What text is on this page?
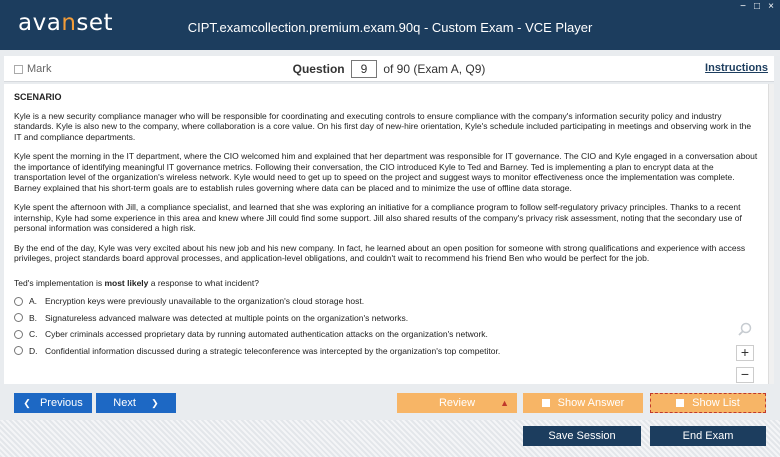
avanset	CIPT.examcollection.premium.exam.90q - Custom Exam - VCE Player
− □ ×
Mark	Question 9 of 90 (Exam A, Q9)	Instructions
SCENARIO
Kyle is a new security compliance manager who will be responsible for coordinating and executing controls to ensure compliance with the company's information security policy and industry standards. Kyle is also new to the company, where collaboration is a core value. On his first day of new-hire orientation, Kyle's schedule included participating in meetings and observing work in the IT and compliance departments.
Kyle spent the morning in the IT department, where the CIO welcomed him and explained that her department was responsible for IT governance. The CIO and Kyle engaged in a conversation about the importance of identifying meaningful IT governance metrics. Following their conversation, the CIO introduced Kyle to Ted and Barney. Ted is implementing a plan to encrypt data at the transportation level of the organization's wireless network. Kyle would need to get up to speed on the project and suggest ways to monitor effectiveness once the implementation was complete. Barney explained that his short-term goals are to establish rules governing where data can be placed and to minimize the use of offline data storage.
Kyle spent the afternoon with Jill, a compliance specialist, and learned that she was exploring an initiative for a compliance program to follow self-regulatory privacy principles. Thanks to a recent internship, Kyle had some experience in this area and knew where Jill could find some support. Jill also shared results of the company's privacy risk assessment, noting that the secondary use of personal information was considered a high risk.
By the end of the day, Kyle was very excited about his new job and his new company. In fact, he learned about an open position for someone with strong qualifications and experience with access privileges, project standards board approval processes, and application-level obligations, and couldn't wait to recommend his friend Ben who would be perfect for the job.
Ted's implementation is most likely a response to what incident?
A. Encryption keys were previously unavailable to the organization's cloud storage host.
B. Signatureless advanced malware was detected at multiple points on the organization's networks.
C. Cyber criminals accessed proprietary data by running automated authentication attacks on the organization's network.
D. Confidential information discussed during a strategic teleconference was intercepted by the organization's top competitor.	+
−
❮
Previous	Next
❯	Review	▲	Show Answer	Show List
Save Session	End Exam
